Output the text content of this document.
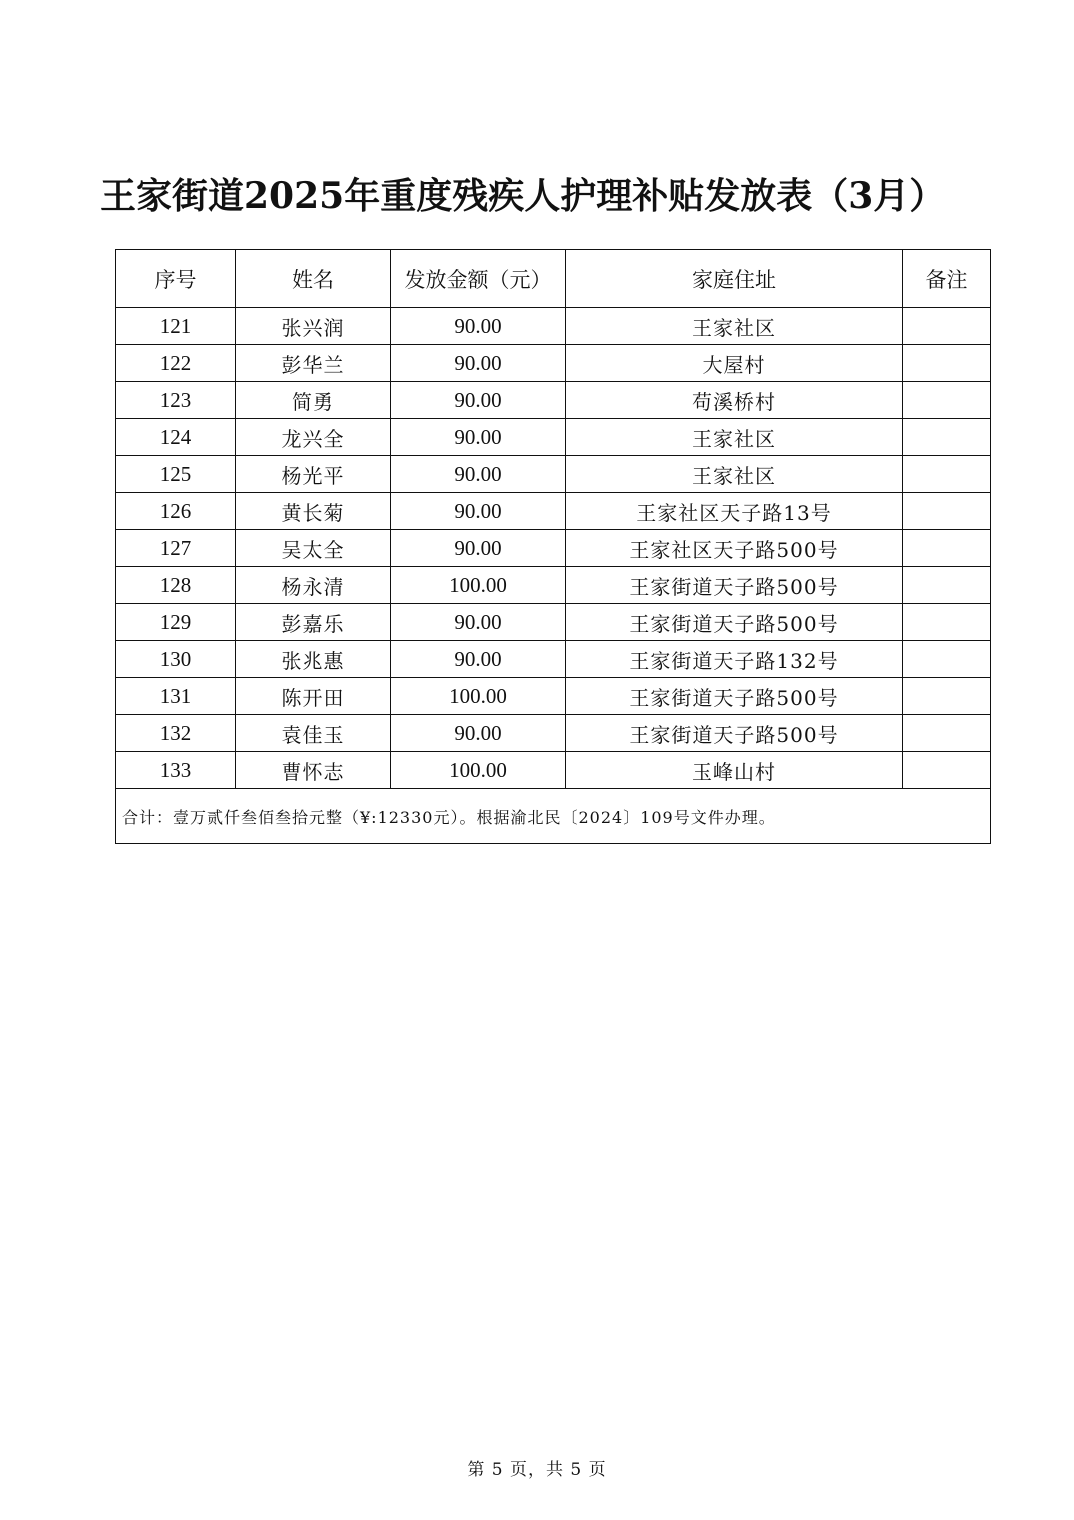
王家街道2025年重度残疾人护理补贴发放表（3月）
序号	姓名	发放金额（元）	家庭住址	备注
121	张兴润	90.00	王家社区	
122	彭华兰	90.00	大屋村	
123	简勇	90.00	苟溪桥村	
124	龙兴全	90.00	王家社区	
125	杨光平	90.00	王家社区	
126	黄长菊	90.00	王家社区天子路13号	
127	吴太全	90.00	王家社区天子路500号	
128	杨永清	100.00	王家街道天子路500号	
129	彭嘉乐	90.00	王家街道天子路500号	
130	张兆惠	90.00	王家街道天子路132号	
131	陈开田	100.00	王家街道天子路500号	
132	袁佳玉	90.00	王家街道天子路500号	
133	曹怀志	100.00	玉峰山村	
合计：壹万贰仟叁佰叁拾元整（¥:12330元）。根据渝北民〔2024〕109号文件办理。				
第 5 页，共 5 页
